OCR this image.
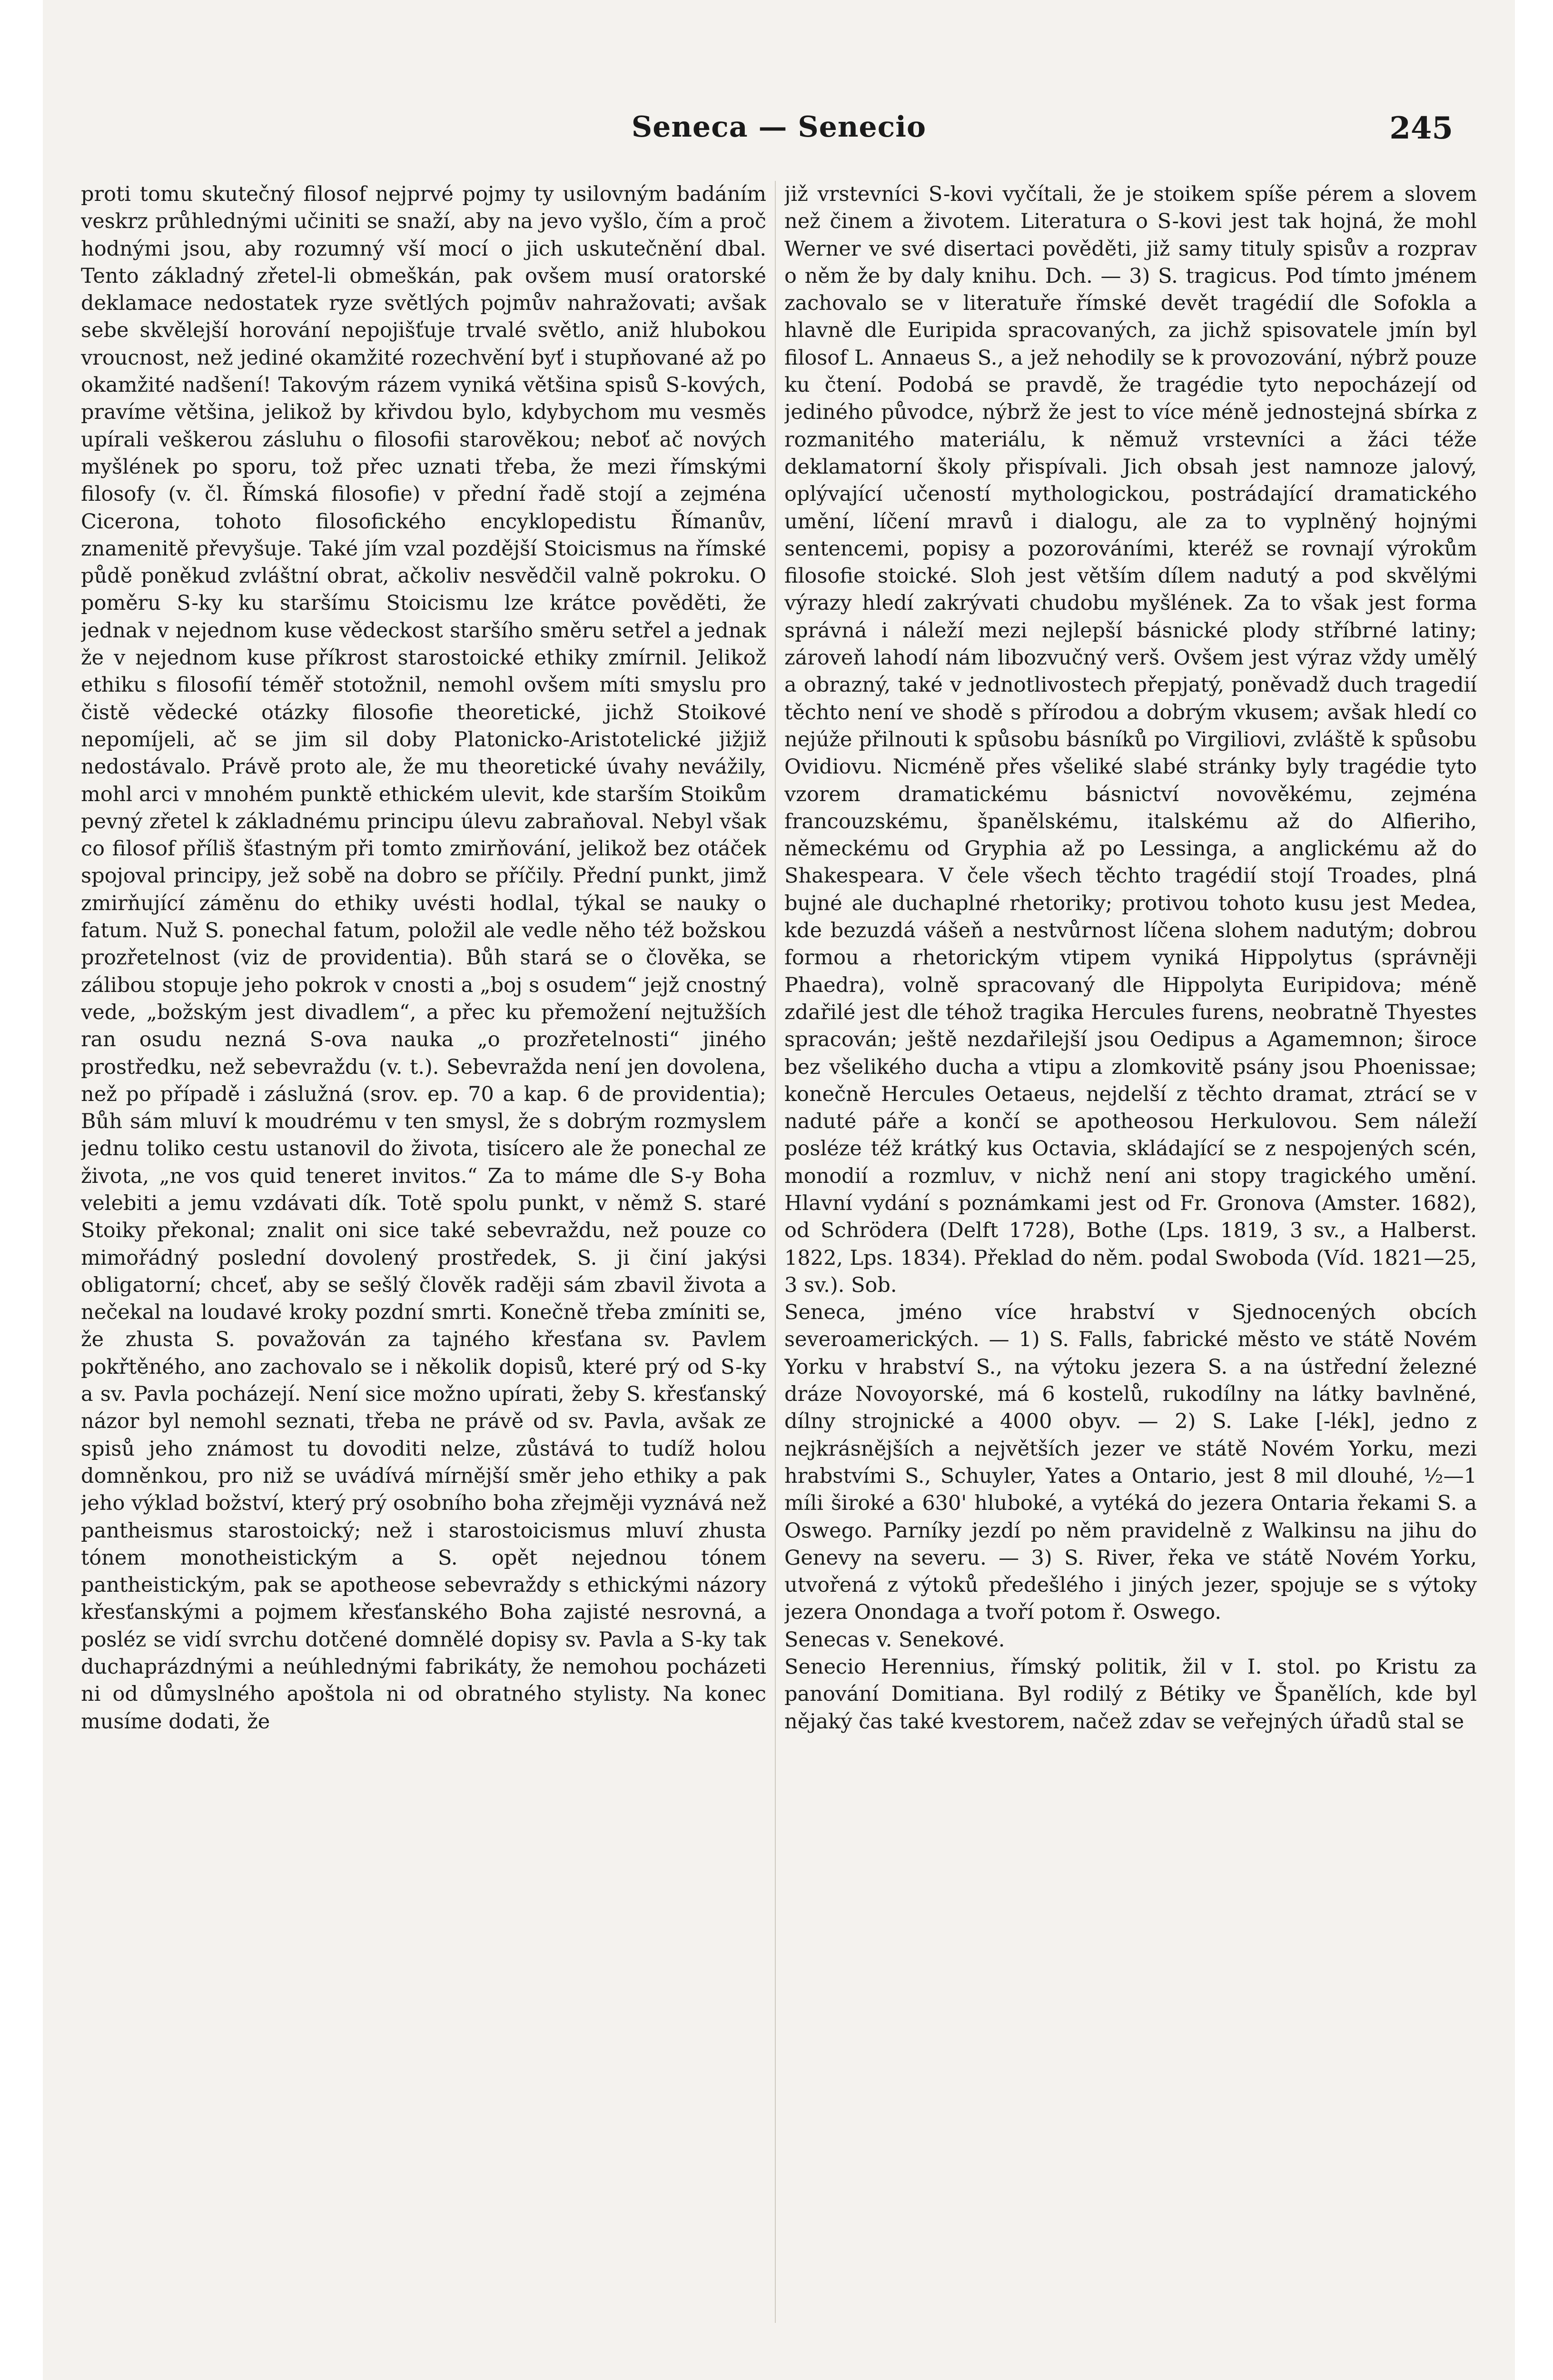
Seneca — Senecio	245

proti tomu skutečný filosof nejprvé pojmy ty usilovným badáním veskrz průhlednými učiniti se snaží, aby na jevo vyšlo, čím a proč hodnými jsou, aby rozumný vší mocí o jich uskutečnění dbal. Tento základný zřetel-li obmeškán, pak ovšem musí oratorské deklamace nedostatek ryze světlých pojmův nahražovati; avšak sebe skvělejší horování nepojišťuje trvalé světlo, aniž hlubokou vroucnost, než jediné okamžité rozechvění byť i stupňované až po okamžité nadšení! Takovým rázem vyniká většina spisů S-kových, pravíme většina, jelikož by křivdou bylo, kdybychom mu vesměs upírali veškerou zásluhu o filosofii starověkou; neboť ač nových myšlének po sporu, tož přec uznati třeba, že mezi římskými filosofy (v. čl. Římská filosofie) v přední řadě stojí a zejména Cicerona, tohoto filosofického encyklopedistu Římanův, znamenitě převyšuje. Také jím vzal pozdější Stoicismus na římské půdě poněkud zvláštní obrat, ačkoliv nesvědčil valně pokroku. O poměru S-ky ku staršímu Stoicismu lze krátce pověděti, že jednak v nejednom kuse vědeckost staršího směru setřel a jednak že v nejednom kuse příkrost starostoické ethiky zmírnil. Jelikož ethiku s filosofií téměř stotožnil, nemohl ovšem míti smyslu pro čistě vědecké otázky filosofie theoretické, jichž Stoikové nepomíjeli, ač se jim sil doby Platonicko-Aristotelické jižjiž nedostávalo. Právě proto ale, že mu theoretické úvahy nevážily, mohl arci v mnohém punktě ethickém ulevit, kde starším Stoikům pevný zřetel k základnému principu úlevu zabraňoval. Nebyl však co filosof příliš šťastným při tomto zmirňování, jelikož bez otáček spojoval principy, jež sobě na dobro se příčily. Přední punkt, jimž zmirňující záměnu do ethiky uvésti hodlal, týkal se nauky o fatum. Nuž S. ponechal fatum, položil ale vedle něho též božskou prozřetelnost (viz de providentia). Bůh stará se o člověka, se zálibou stopuje jeho pokrok v cnosti a „boj s osudem“ jejž cnostný vede, „božským jest divadlem“, a přec ku přemožení nejtužších ran osudu nezná S-ova nauka „o prozřetelnosti“ jiného prostředku, než sebevraždu (v. t.). Sebevražda není jen dovolena, než po případě i záslužná (srov. ep. 70 a kap. 6 de providentia); Bůh sám mluví k moudrému v ten smysl, že s dobrým rozmyslem jednu toliko cestu ustanovil do života, tisícero ale že ponechal ze života, „ne vos quid teneret invitos.“ Za to máme dle S-y Boha velebiti a jemu vzdávati dík. Totě spolu punkt, v němž S. staré Stoiky překonal; znalit oni sice také sebevraždu, než pouze co mimořádný poslední dovolený prostředek, S. ji činí jakýsi obligatorní; chceť, aby se sešlý člověk raději sám zbavil života a nečekal na loudavé kroky pozdní smrti. Konečně třeba zmíniti se, že zhusta S. považován za tajného křesťana sv. Pavlem pokřtěného, ano zachovalo se i několik dopisů, které prý od S-ky a sv. Pavla pocházejí. Není sice možno upírati, žeby S. křesťanský názor byl nemohl seznati, třeba ne právě od sv. Pavla, avšak ze spisů jeho známost tu dovoditi nelze, zůstává to tudíž holou domněnkou, pro niž se uvádívá mírnější směr jeho ethiky a pak jeho výklad božství, který prý osobního boha zřejměji vyznává než pantheismus starostoický; než i starostoicismus mluví zhusta tónem monotheistickým a S. opět nejednou tónem pantheistickým, pak se apotheose sebevraždy s ethickými názory křesťanskými a pojmem křesťanského Boha zajisté nesrovná, a posléz se vidí svrchu dotčené domnělé dopisy sv. Pavla a S-ky tak duchaprázdnými a neúhlednými fabrikáty, že nemohou pocházeti ni od důmyslného apoštola ni od obratného stylisty. Na konec musíme dodati, že

již vrstevníci S-kovi vyčítali, že je stoikem spíše pérem a slovem než činem a životem. Literatura o S-kovi jest tak hojná, že mohl Werner ve své disertaci pověděti, již samy tituly spisův a rozprav o něm že by daly knihu. Dch. — 3) S. tragicus. Pod tímto jménem zachovalo se v literatuře římské devět tragédií dle Sofokla a hlavně dle Euripida spracovaných, za jichž spisovatele jmín byl filosof L. Annaeus S., a jež nehodily se k provozování, nýbrž pouze ku čtení. Podobá se pravdě, že tragédie tyto nepocházejí od jediného původce, nýbrž že jest to více méně jednostejná sbírka z rozmanitého materiálu, k němuž vrstevníci a žáci téže deklamatorní školy přispívali. Jich obsah jest namnoze jalový, oplývající učeností mythologickou, postrádající dramatického umění, líčení mravů i dialogu, ale za to vyplněný hojnými sentencemi, popisy a pozorováními, kteréž se rovnají výrokům filosofie stoické. Sloh jest větším dílem nadutý a pod skvělými výrazy hledí zakrývati chudobu myšlének. Za to však jest forma správná i náleží mezi nejlepší básnické plody stříbrné latiny; zároveň lahodí nám libozvučný verš. Ovšem jest výraz vždy umělý a obrazný, také v jednotlivostech přepjatý, poněvadž duch tragedií těchto není ve shodě s přírodou a dobrým vkusem; avšak hledí co nejúže přilnouti k spůsobu básníků po Virgiliovi, zvláště k spůsobu Ovidiovu. Nicméně přes všeliké slabé stránky byly tragédie tyto vzorem dramatickému básnictví novověkému, zejména francouzskému, španělskému, italskému až do Alfieriho, německému od Gryphia až po Lessinga, a anglickému až do Shakespeara. V čele všech těchto tragédií stojí Troades, plná bujné ale duchaplné rhetoriky; protivou tohoto kusu jest Medea, kde bezuzdá vášeň a nestvůrnost líčena slohem nadutým; dobrou formou a rhetorickým vtipem vyniká Hippolytus (správněji Phaedra), volně spracovaný dle Hippolyta Euripidova; méně zdařilé jest dle téhož tragika Hercules furens, neobratně Thyestes spracován; ještě nezdařilejší jsou Oedipus a Agamemnon; široce bez všelikého ducha a vtipu a zlomkovitě psány jsou Phoenissae; konečně Hercules Oetaeus, nejdelší z těchto dramat, ztrácí se v naduté páře a končí se apotheosou Herkulovou. Sem náleží posléze též krátký kus Octavia, skládající se z nespojených scén, monodií a rozmluv, v nichž není ani stopy tragického umění. Hlavní vydání s poznámkami jest od Fr. Gronova (Amster. 1682), od Schrödera (Delft 1728), Bothe (Lps. 1819, 3 sv., a Halberst. 1822, Lps. 1834). Překlad do něm. podal Swoboda (Víd. 1821—25, 3 sv.). Sob.

Seneca, jméno více hrabství v Sjednocených obcích severoamerických. — 1) S. Falls, fabrické město ve státě Novém Yorku v hrabství S., na výtoku jezera S. a na ústřední železné dráze Novoyorské, má 6 kostelů, rukodílny na látky bavlněné, dílny strojnické a 4000 obyv. — 2) S. Lake [-lék], jedno z nejkrásnějších a největších jezer ve státě Novém Yorku, mezi hrabstvími S., Schuyler, Yates a Ontario, jest 8 mil dlouhé, ½—1 míli široké a 630' hluboké, a vytéká do jezera Ontaria řekami S. a Oswego. Parníky jezdí po něm pravidelně z Walkinsu na jihu do Genevy na severu. — 3) S. River, řeka ve státě Novém Yorku, utvořená z výtoků předešlého i jiných jezer, spojuje se s výtoky jezera Onondaga a tvoří potom ř. Oswego.

Senecas v. Senekové.

Senecio Herennius, římský politik, žil v I. stol. po Kristu za panování Domitiana. Byl rodilý z Bétiky ve Španělích, kde byl nějaký čas také kvestorem, načež zdav se veřejných úřadů stal se
